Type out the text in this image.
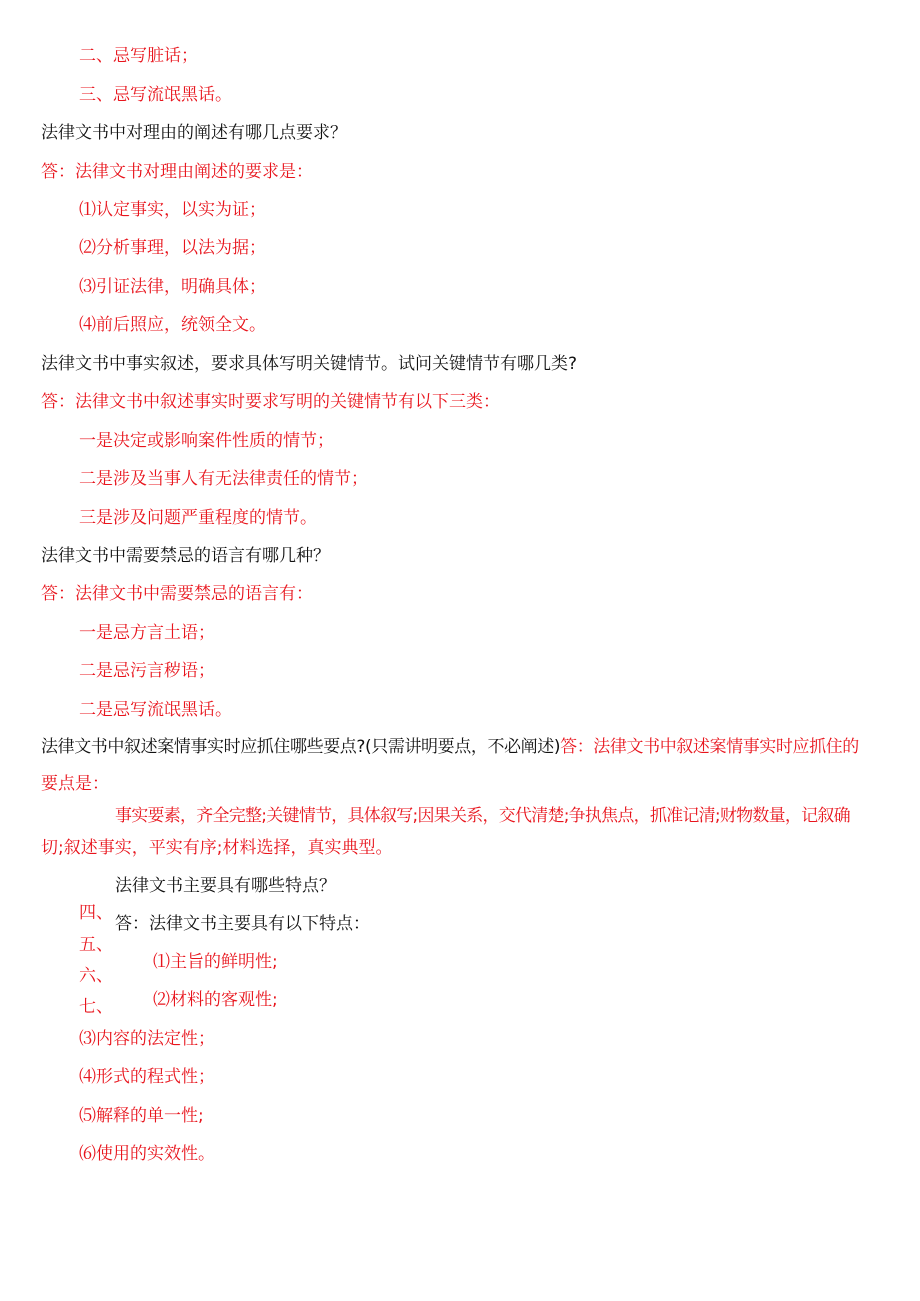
二、忌写脏话；
三、忌写流氓黑话。
法律文书中对理由的阐述有哪几点要求？
答：法律文书对理由阐述的要求是：
⑴认定事实，以实为证；
⑵分析事理，以法为据；
⑶引证法律，明确具体；
⑷前后照应，统领全文。
法律文书中事实叙述，要求具体写明关键情节。试问关键情节有哪几类?
答：法律文书中叙述事实时要求写明的关键情节有以下三类：
一是决定或影响案件性质的情节；
二是涉及当事人有无法律责任的情节；
三是涉及问题严重程度的情节。
法律文书中需要禁忌的语言有哪几种？
答：法律文书中需要禁忌的语言有：
一是忌方言土语；
二是忌污言秽语；
二是忌写流氓黑话。
法律文书中叙述案情事实时应抓住哪些要点?(只需讲明要点，不必阐述)答：法律文书中叙述案情事实时应抓住的
要点是：
事实要素，齐全完整;关键情节，具体叙写;因果关系，交代清楚;争执焦点，抓准记清;财物数量，记叙确
切;叙述事实，平实有序;材料选择，真实典型。
法律文书主要具有哪些特点？
四、
答：法律文书主要具有以下特点：
五、
⑴主旨的鲜明性;
六、
⑵材料的客观性;
七、
⑶内容的法定性；
⑷形式的程式性；
⑸解释的单一性;
⑹使用的实效性。
